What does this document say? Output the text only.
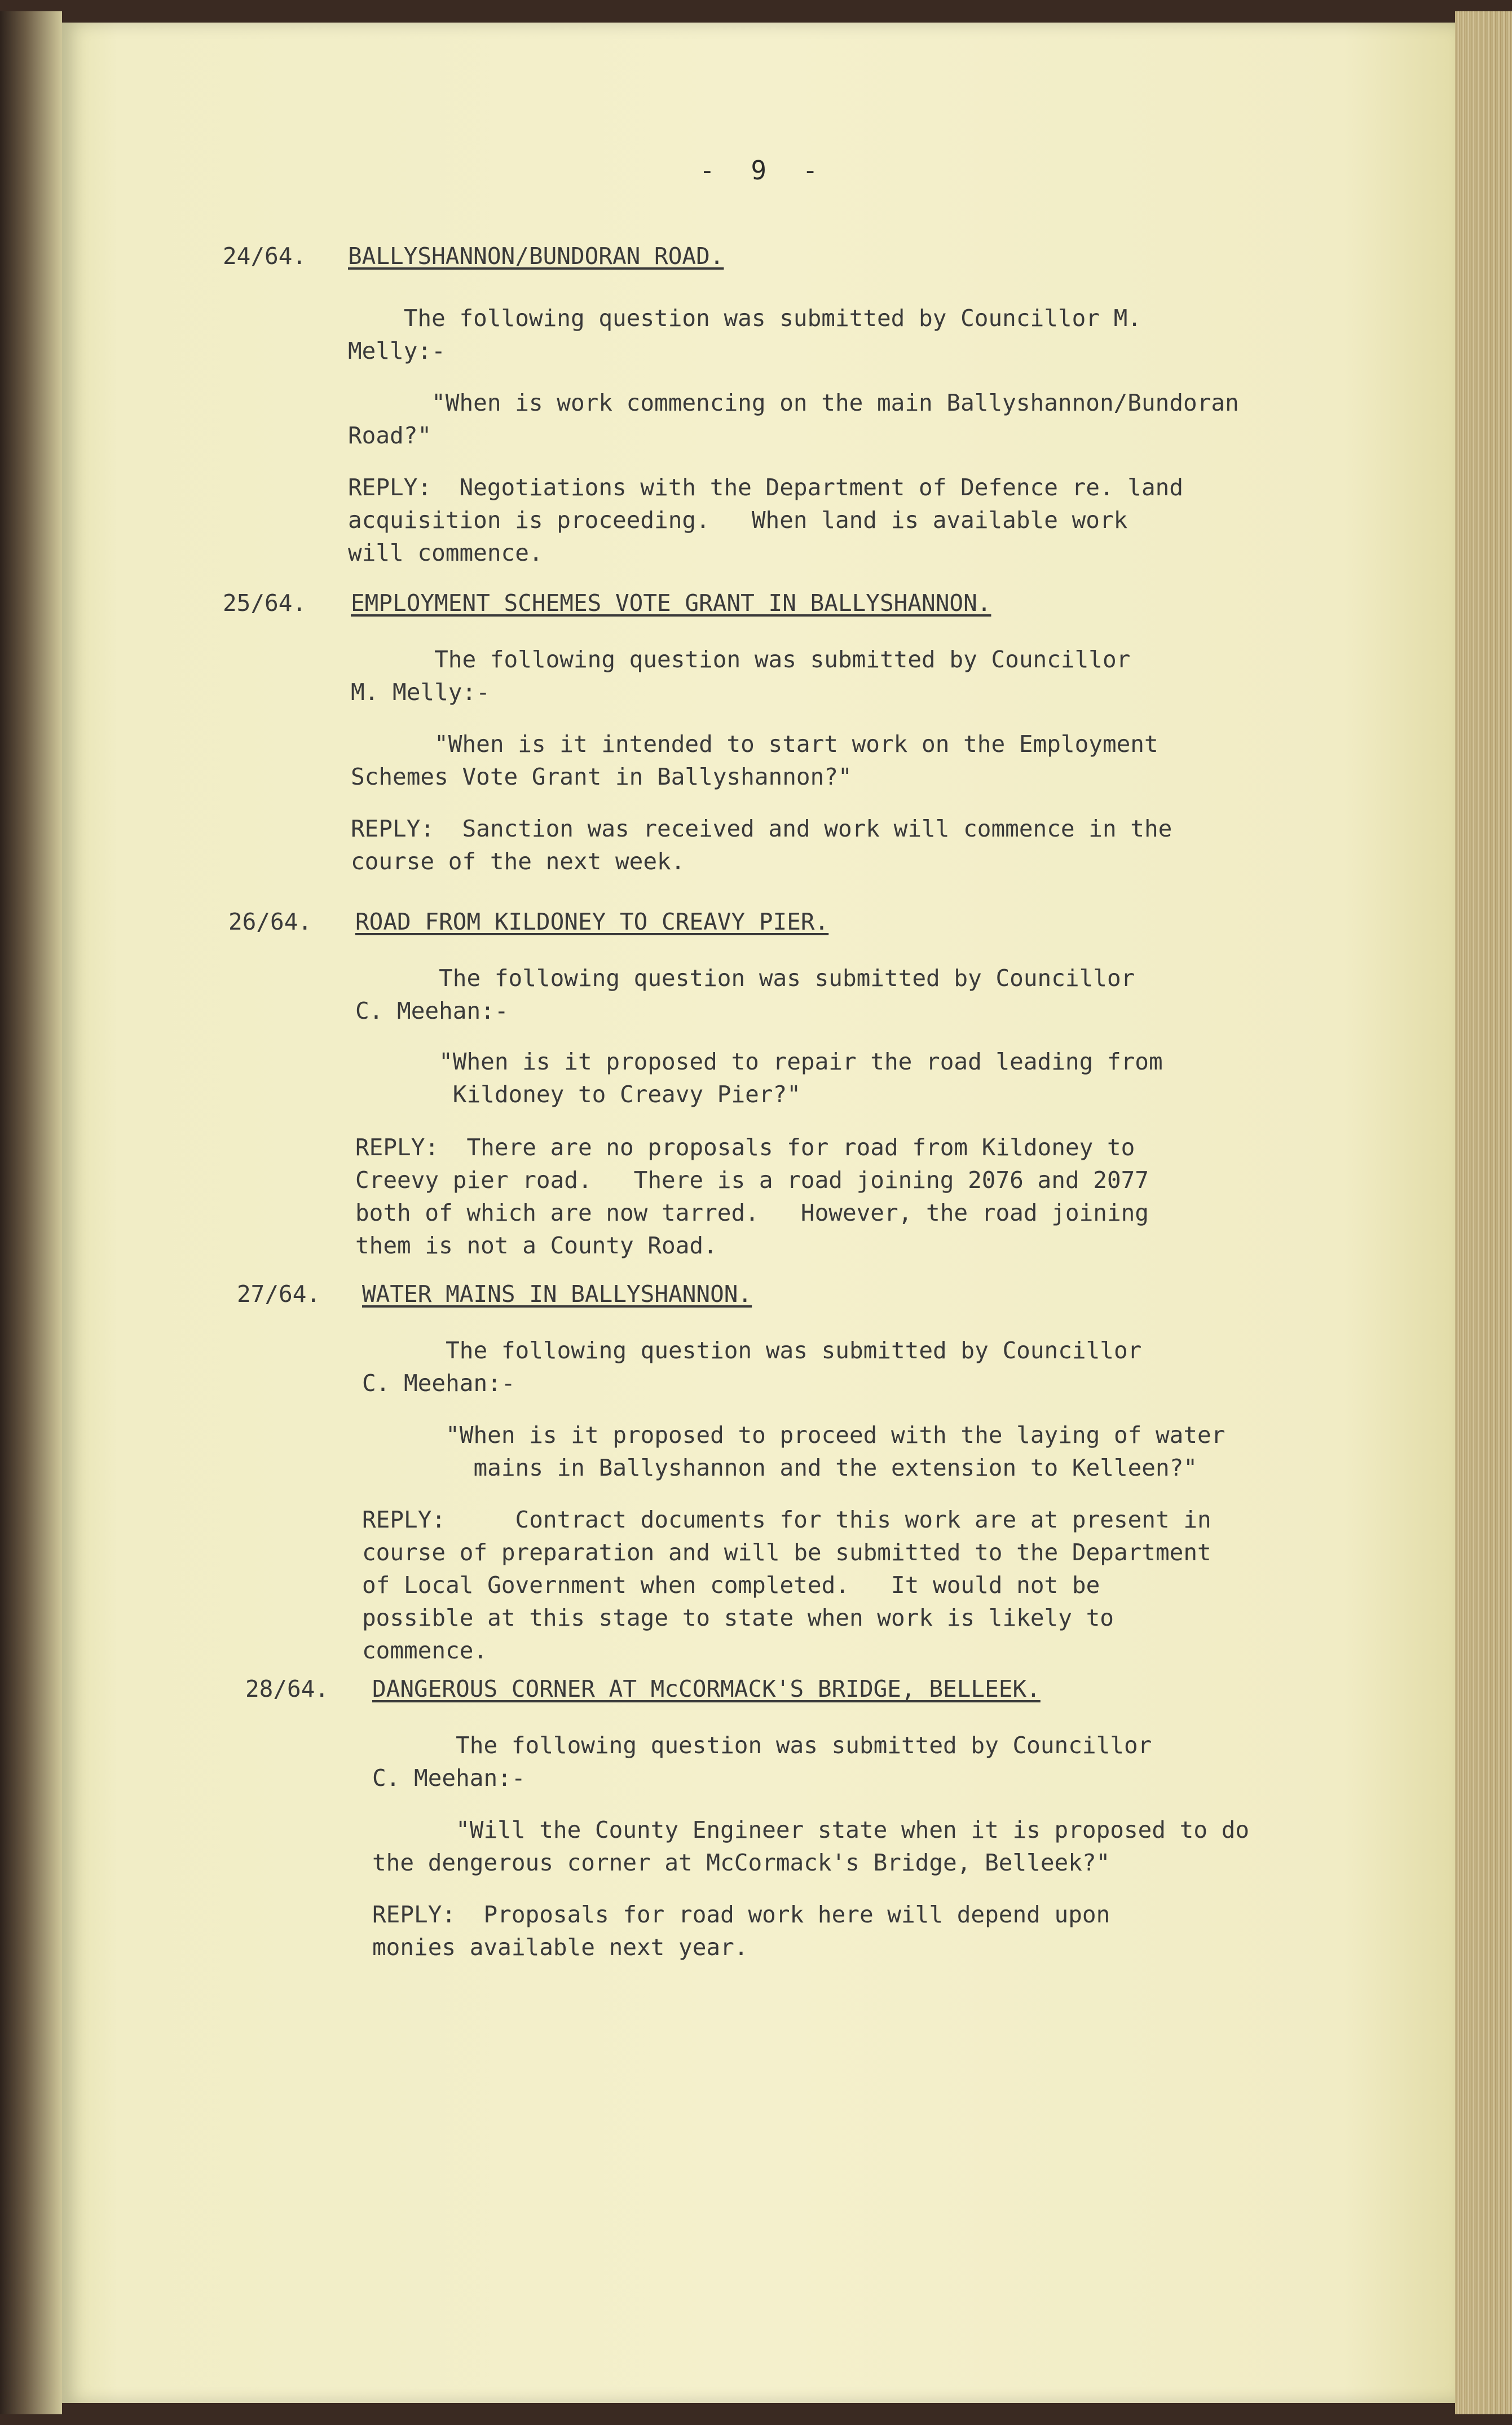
- 9 -
24/64. BALLYSHANNON/BUNDORAN ROAD.
The following question was submitted by Councillor M.
Melly:-
"When is work commencing on the main Ballyshannon/Bundoran
Road?"
REPLY:  Negotiations with the Department of Defence re. land
acquisition is proceeding.   When land is available work
will commence.
25/64. EMPLOYMENT SCHEMES VOTE GRANT IN BALLYSHANNON.
The following question was submitted by Councillor
M. Melly:-
"When is it intended to start work on the Employment
Schemes Vote Grant in Ballyshannon?"
REPLY:  Sanction was received and work will commence in the
course of the next week.
26/64. ROAD FROM KILDONEY TO CREAVY PIER.
The following question was submitted by Councillor
C. Meehan:-
"When is it proposed to repair the road leading from
Kildoney to Creavy Pier?"
REPLY:  There are no proposals for road from Kildoney to
Creevy pier road.   There is a road joining 2076 and 2077
both of which are now tarred.   However, the road joining
them is not a County Road.
27/64. WATER MAINS IN BALLYSHANNON.
The following question was submitted by Councillor
C. Meehan:-
"When is it proposed to proceed with the laying of water
mains in Ballyshannon and the extension to Kelleen?"
REPLY:     Contract documents for this work are at present in
course of preparation and will be submitted to the Department
of Local Government when completed.   It would not be
possible at this stage to state when work is likely to
commence.
28/64. DANGEROUS CORNER AT McCORMACK'S BRIDGE, BELLEEK.
The following question was submitted by Councillor
C. Meehan:-
"Will the County Engineer state when it is proposed to do
the dengerous corner at McCormack's Bridge, Belleek?"
REPLY:  Proposals for road work here will depend upon
monies available next year.
